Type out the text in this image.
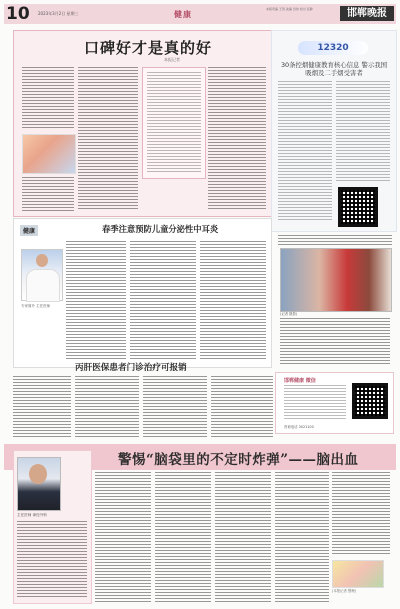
10 2023年3月2日 星期三	健康
本版责编 王利 美编 田伟 校对 张静	邯郸晚报
口碑好才是真的好
本报记者
12320
30条控烟健康教育核心信息 警示我国吸烟及二手烟受害者
健康	春季注意预防儿童分泌性中耳炎
专家简介 主任医师
(记者 摄影)
丙肝医保患者门诊治疗可报销
邯郸健康 微信
咨询电话 3021100
主任医师 神经外科
警惕“脑袋里的不定时炸弹”——脑出血
(本报记者 整理)
